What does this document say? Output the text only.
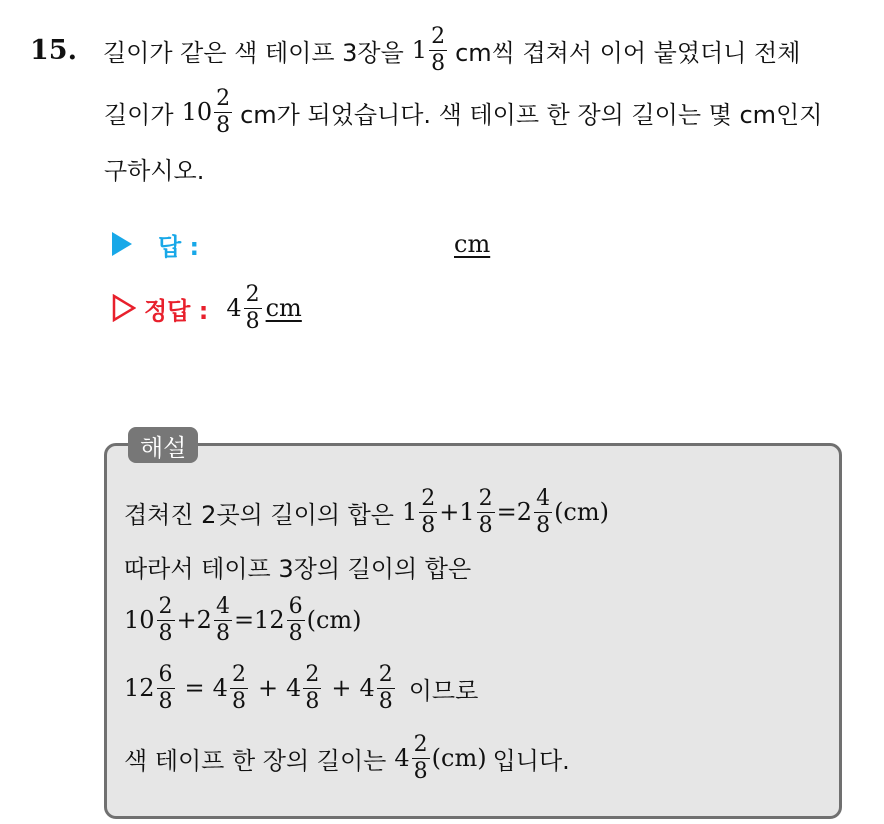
15. 길이가 같은 색 테이프 3장을 $1 \frac{2}{8}$ cm씩 겹쳐서 이어 붙였더니 전체
길이가 $10 \frac{2}{8}$ cm가 되었습니다. 색 테이프 한 장의 길이는 몇 cm인지
구하시오.
답 :	cm
정답 : $4 \frac{2}{8}$ cm
해설
겹쳐진 2곳의 길이의 합은 $1 \frac{2}{8} + 1 \frac{2}{8} = 2 \frac{4}{8} (cm)$
따라서 테이프 3장의 길이의 합은
$10 \frac{2}{8} + 2 \frac{4}{8} = 12 \frac{6}{8} (cm)$
$12 \frac{6}{8} = 4 \frac{2}{8} + 4 \frac{2}{8} + 4 \frac{2}{8}$ 이므로
색 테이프 한 장의 길이는 $4 \frac{2}{8} (cm)$ 입니다.
